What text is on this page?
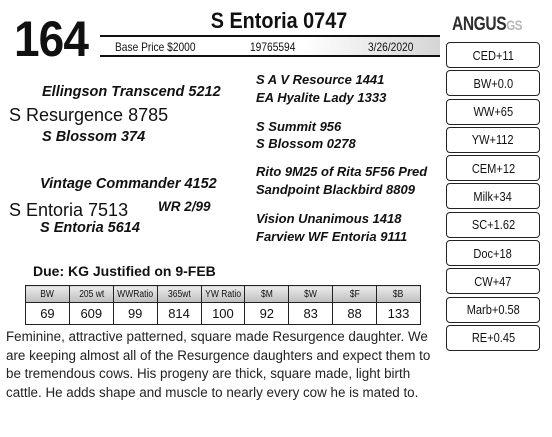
164	S Entoria 0747
Base Price $2000	19765594	3/26/2020
ANGUSGS
CED+11
BW+0.0
WW+65
YW+112
CEM+12
Milk+34
SC+1.62
Doc+18
CW+47
Marb+0.58
RE+0.45
Ellingson Transcend 5212
S Resurgence 8785
S Blossom 374
Vintage Commander 4152
S Entoria 7513 WR 2/99
S Entoria 5614
S A V Resource 1441
EA Hyalite Lady 1333
S Summit 956
S Blossom 0278
Rito 9M25 of Rita 5F56 Pred
Sandpoint Blackbird 8809
Vision Unanimous 1418
Farview WF Entoria 9111
Due: KG Justified on 9-FEB
BW	205 wt	WWRatio	365wt	YW Ratio	$M	$W	$F	$B
69	609	99	814	100	92	83	88	133

Feminine, attractive patterned, square made Resurgence daughter. We are keeping almost all of the Resurgence daughters and expect them to be tremendous cows. His progeny are thick, square made, light birth cattle. He adds shape and muscle to nearly every cow he is mated to.
